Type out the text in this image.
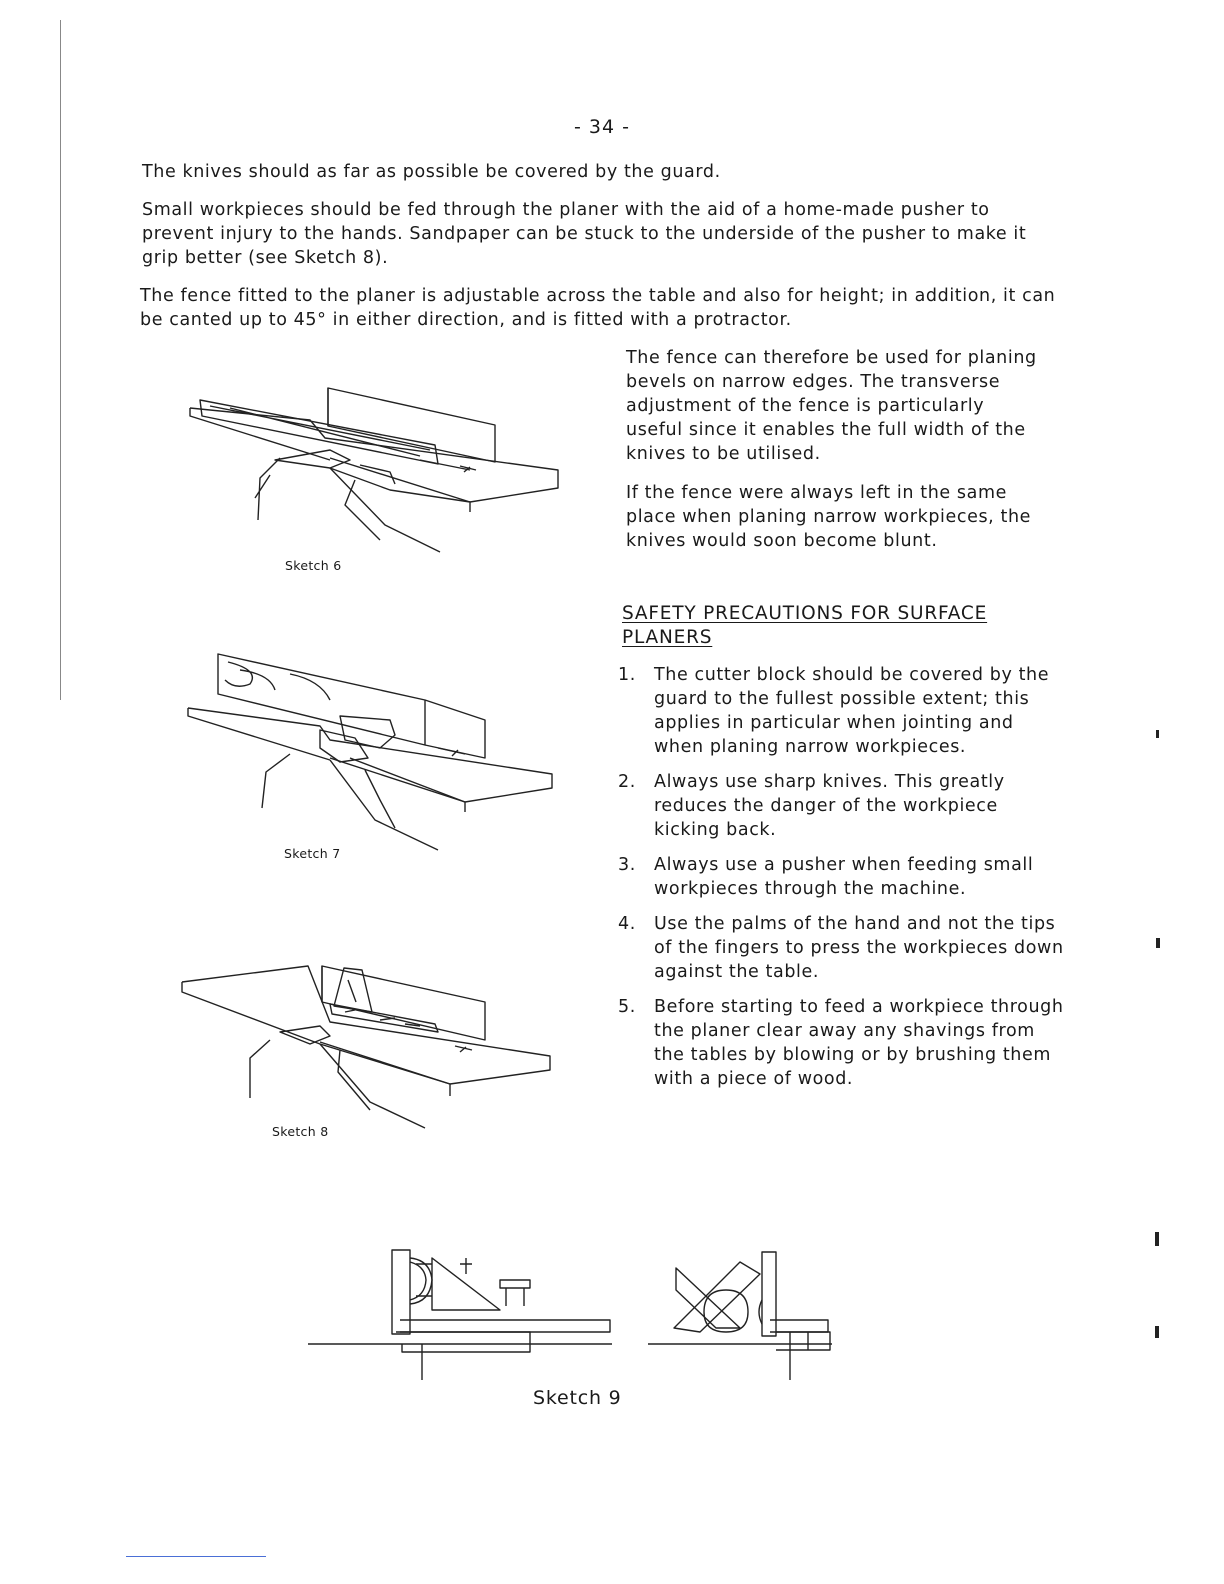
- 34 -

The knives should as far as possible be covered by the guard.

Small workpieces should be fed through the planer with the aid of a home-made pusher to prevent injury to the hands. Sandpaper can be stuck to the underside of the pusher to make it grip better (see Sketch 8).

The fence fitted to the planer is adjustable across the table and also for height; in addition, it can be canted up to 45° in either direction, and is fitted with a protractor.

The fence can therefore be used for planing bevels on narrow edges. The transverse adjustment of the fence is particularly useful since it enables the full width of the knives to be utilised.

If the fence were always left in the same place when planing narrow workpieces, the knives would soon become blunt.

SAFETY PRECAUTIONS FOR SURFACE PLANERS
1.	The cutter block should be covered by the guard to the fullest possible extent; this applies in particular when jointing and when planing narrow workpieces.
2.	Always use sharp knives. This greatly reduces the danger of the workpiece kicking back.
3.	Always use a pusher when feeding small workpieces through the machine.
4.	Use the palms of the hand and not the tips of the fingers to press the workpieces down against the table.
5.	Before starting to feed a workpiece through the planer clear away any shavings from the tables by blowing or by brushing them with a piece of wood.
Sketch 6
Sketch 7
Sketch 8
Sketch 9
